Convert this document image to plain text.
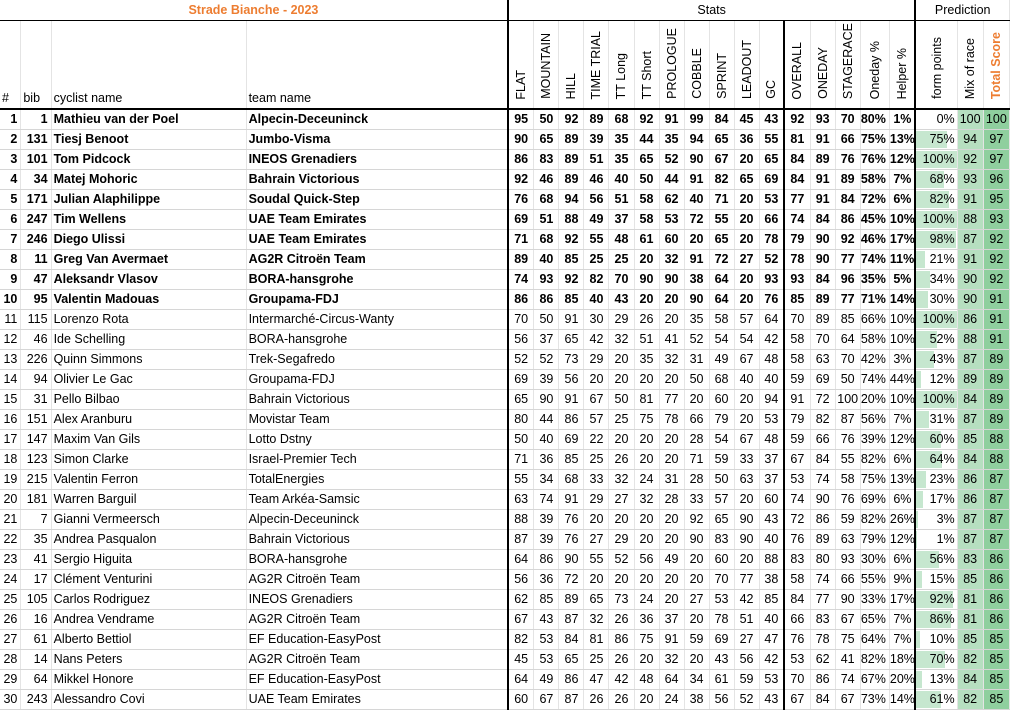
Strade Bianche - 2023				Stats																Prediction		
#	bib	cyclist name	team name	FLAT	MOUNTAIN	HILL	TIME TRIAL	TT Long	TT Short	PROLOGUE	COBBLE	SPRINT	LEADOUT	GC	OVERALL	ONEDAY	STAGERACE	Oneday %	Helper %	form points	Mix of race	Total Score
1	1	Mathieu van der Poel	Alpecin-Deceuninck	95	50	92	89	68	92	91	99	84	45	43	92	93	70	80%	1%	0%	100	100
2	131	Tiesj Benoot	Jumbo-Visma	90	65	89	39	35	44	35	94	65	36	55	81	91	66	75%	13%	75%	94	97
3	101	Tom Pidcock	INEOS Grenadiers	86	83	89	51	35	65	52	90	67	20	65	84	89	76	76%	12%	100%	92	97
4	34	Matej Mohoric	Bahrain Victorious	92	46	89	46	40	50	44	91	82	65	69	84	91	89	58%	7%	68%	93	96
5	171	Julian Alaphilippe	Soudal Quick-Step	76	68	94	56	51	58	62	40	71	20	53	77	91	84	72%	6%	82%	91	95
6	247	Tim Wellens	UAE Team Emirates	69	51	88	49	37	58	53	72	55	20	66	74	84	86	45%	10%	100%	88	93
7	246	Diego Ulissi	UAE Team Emirates	71	68	92	55	48	61	60	20	65	20	78	79	90	92	46%	17%	98%	87	92
8	11	Greg Van Avermaet	AG2R Citroën Team	89	40	85	25	25	20	32	91	72	27	52	78	90	77	74%	11%	21%	91	92
9	47	Aleksandr Vlasov	BORA-hansgrohe	74	93	92	82	70	90	90	38	64	20	93	93	84	96	35%	5%	34%	90	92
10	95	Valentin Madouas	Groupama-FDJ	86	86	85	40	43	20	20	90	64	20	76	85	89	77	71%	14%	30%	90	91
11	115	Lorenzo Rota	Intermarché-Circus-Wanty	70	50	91	30	29	26	20	35	58	57	64	70	89	85	66%	10%	100%	86	91
12	46	Ide Schelling	BORA-hansgrohe	56	37	65	42	32	51	41	52	54	54	42	58	70	64	58%	10%	52%	88	91
13	226	Quinn Simmons	Trek-Segafredo	52	52	73	29	20	35	32	31	49	67	48	58	63	70	42%	3%	43%	87	89
14	94	Olivier Le Gac	Groupama-FDJ	69	39	56	20	20	20	20	50	68	40	40	59	69	50	74%	44%	12%	89	89
15	31	Pello Bilbao	Bahrain Victorious	65	90	91	67	50	81	77	20	60	20	94	91	72	100	20%	10%	100%	84	89
16	151	Alex Aranburu	Movistar Team	80	44	86	57	25	75	78	66	79	20	53	79	82	87	56%	7%	31%	87	89
17	147	Maxim Van Gils	Lotto Dstny	50	40	69	22	20	20	20	28	54	67	48	59	66	76	39%	12%	60%	85	88
18	123	Simon Clarke	Israel-Premier Tech	71	36	85	25	26	20	20	71	59	33	37	67	84	55	82%	6%	64%	84	88
19	215	Valentin Ferron	TotalEnergies	55	34	68	33	32	24	31	28	50	63	37	53	74	58	75%	13%	23%	86	87
20	181	Warren Barguil	Team Arkéa-Samsic	63	74	91	29	27	32	28	33	57	20	60	74	90	76	69%	6%	17%	86	87
21	7	Gianni Vermeersch	Alpecin-Deceuninck	88	39	76	20	20	20	20	92	65	90	43	72	86	59	82%	26%	3%	87	87
22	35	Andrea Pasqualon	Bahrain Victorious	87	39	76	27	29	20	20	90	83	90	40	76	89	63	79%	12%	1%	87	87
23	41	Sergio Higuita	BORA-hansgrohe	64	86	90	55	52	56	49	20	60	20	88	83	80	93	30%	6%	56%	83	86
24	17	Clément Venturini	AG2R Citroën Team	56	36	72	20	20	20	20	20	70	77	38	58	74	66	55%	9%	15%	85	86
25	105	Carlos Rodriguez	INEOS Grenadiers	62	85	89	65	73	24	20	27	53	42	85	84	77	90	33%	17%	92%	81	86
26	16	Andrea Vendrame	AG2R Citroën Team	67	43	87	32	26	36	37	20	78	51	40	66	83	67	65%	7%	86%	81	86
27	61	Alberto Bettiol	EF Education-EasyPost	82	53	84	81	86	75	91	59	69	27	47	76	78	75	64%	7%	10%	85	85
28	14	Nans Peters	AG2R Citroën Team	45	53	65	25	26	20	32	20	43	56	42	53	62	41	82%	18%	70%	82	85
29	64	Mikkel Honore	EF Education-EasyPost	64	49	86	47	42	48	64	34	61	59	53	70	86	74	67%	20%	13%	84	85
30	243	Alessandro Covi	UAE Team Emirates	60	67	87	26	26	20	24	38	56	52	43	67	84	67	73%	14%	61%	82	85
